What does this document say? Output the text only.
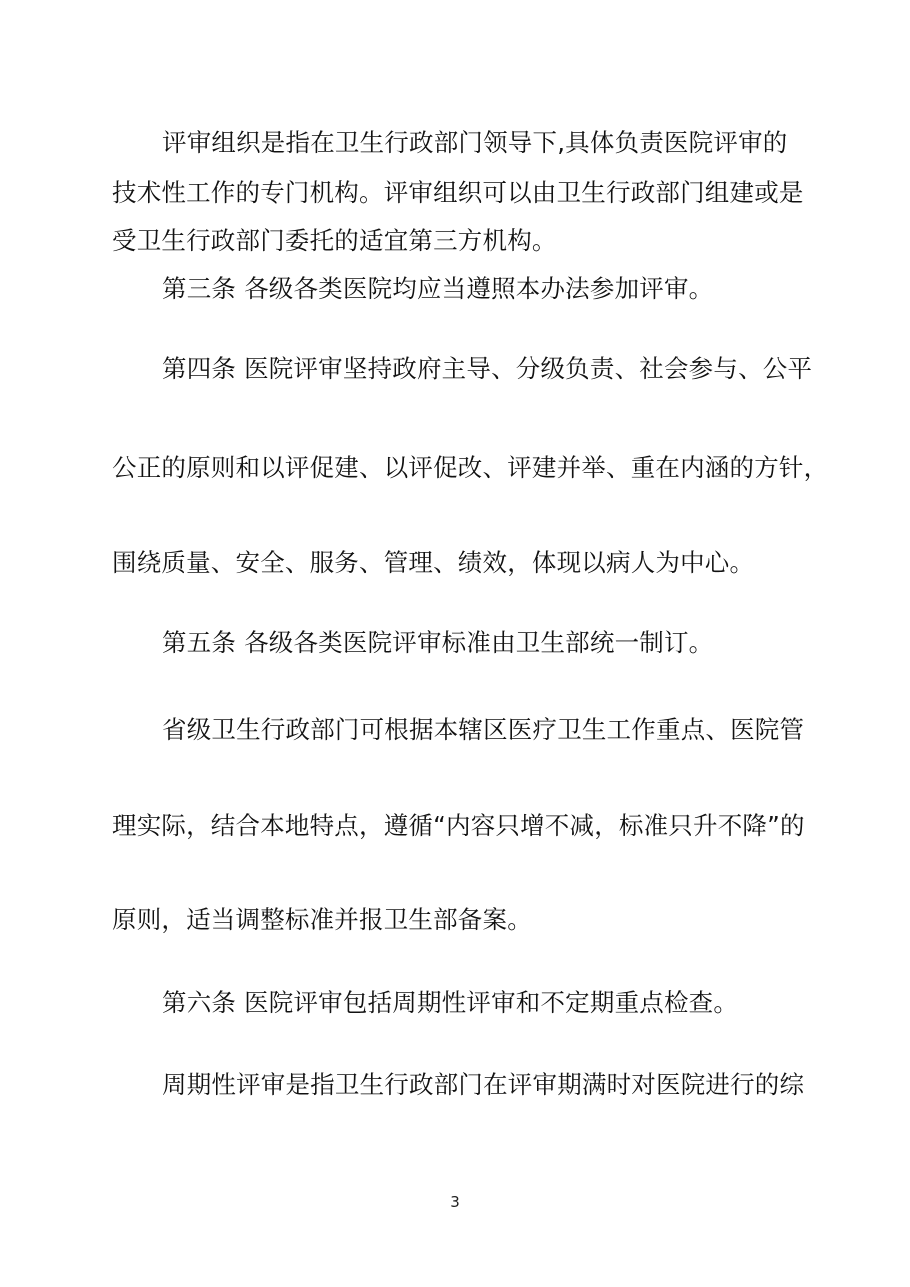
评审组织是指在卫生行政部门领导下,具体负责医院评审的
技术性工作的专门机构。评审组织可以由卫生行政部门组建或是
受卫生行政部门委托的适宜第三方机构。
第三条 各级各类医院均应当遵照本办法参加评审。
第四条 医院评审坚持政府主导、分级负责、社会参与、公平
公正的原则和以评促建、以评促改、评建并举、重在内涵的方针，
围绕质量、安全、服务、管理、绩效，体现以病人为中心。
第五条 各级各类医院评审标准由卫生部统一制订。
省级卫生行政部门可根据本辖区医疗卫生工作重点、医院管
理实际，结合本地特点，遵循“内容只增不减，标准只升不降”的
原则，适当调整标准并报卫生部备案。
第六条 医院评审包括周期性评审和不定期重点检查。
周期性评审是指卫生行政部门在评审期满时对医院进行的综
3
